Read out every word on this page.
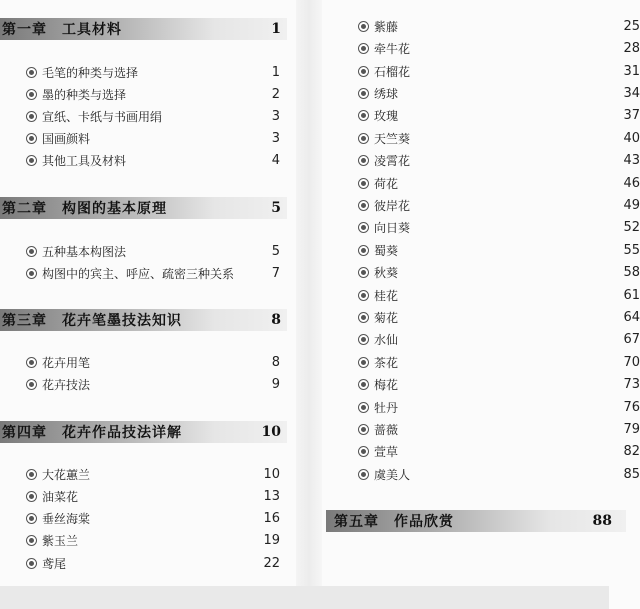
第一章　工具材料	1
毛笔的种类与选择	1
墨的种类与选择	2
宣纸、卡纸与书画用绢	3
国画颜料	3
其他工具及材料	4
第二章　构图的基本原理	5
五种基本构图法	5
构图中的宾主、呼应、疏密三种关系	7
第三章　花卉笔墨技法知识	8
花卉用笔	8
花卉技法	9
第四章　花卉作品技法详解	10
大花蕙兰	10
油菜花	13
垂丝海棠	16
紫玉兰	19
鸢尾	22
紫藤	25
牵牛花	28
石榴花	31
绣球	34
玫瑰	37
天竺葵	40
凌霄花	43
荷花	46
彼岸花	49
向日葵	52
蜀葵	55
秋葵	58
桂花	61
菊花	64
水仙	67
茶花	70
梅花	73
牡丹	76
蔷薇	79
萱草	82
虞美人	85
第五章　作品欣赏	88
